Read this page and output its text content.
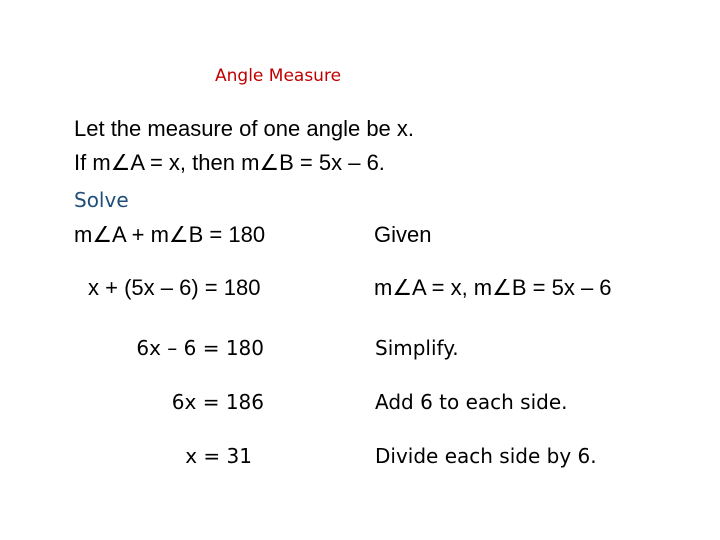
Angle Measure
Let the measure of one angle be x.
If m∠A = x, then m∠B = 5x – 6.
Solve
m∠A + m∠B = 180	Given
x + (5x – 6) = 180	m∠A = x, m∠B = 5x – 6
6x – 6 = 180	Simplify.
6x = 186	Add 6 to each side.
x = 31	Divide each side by 6.
